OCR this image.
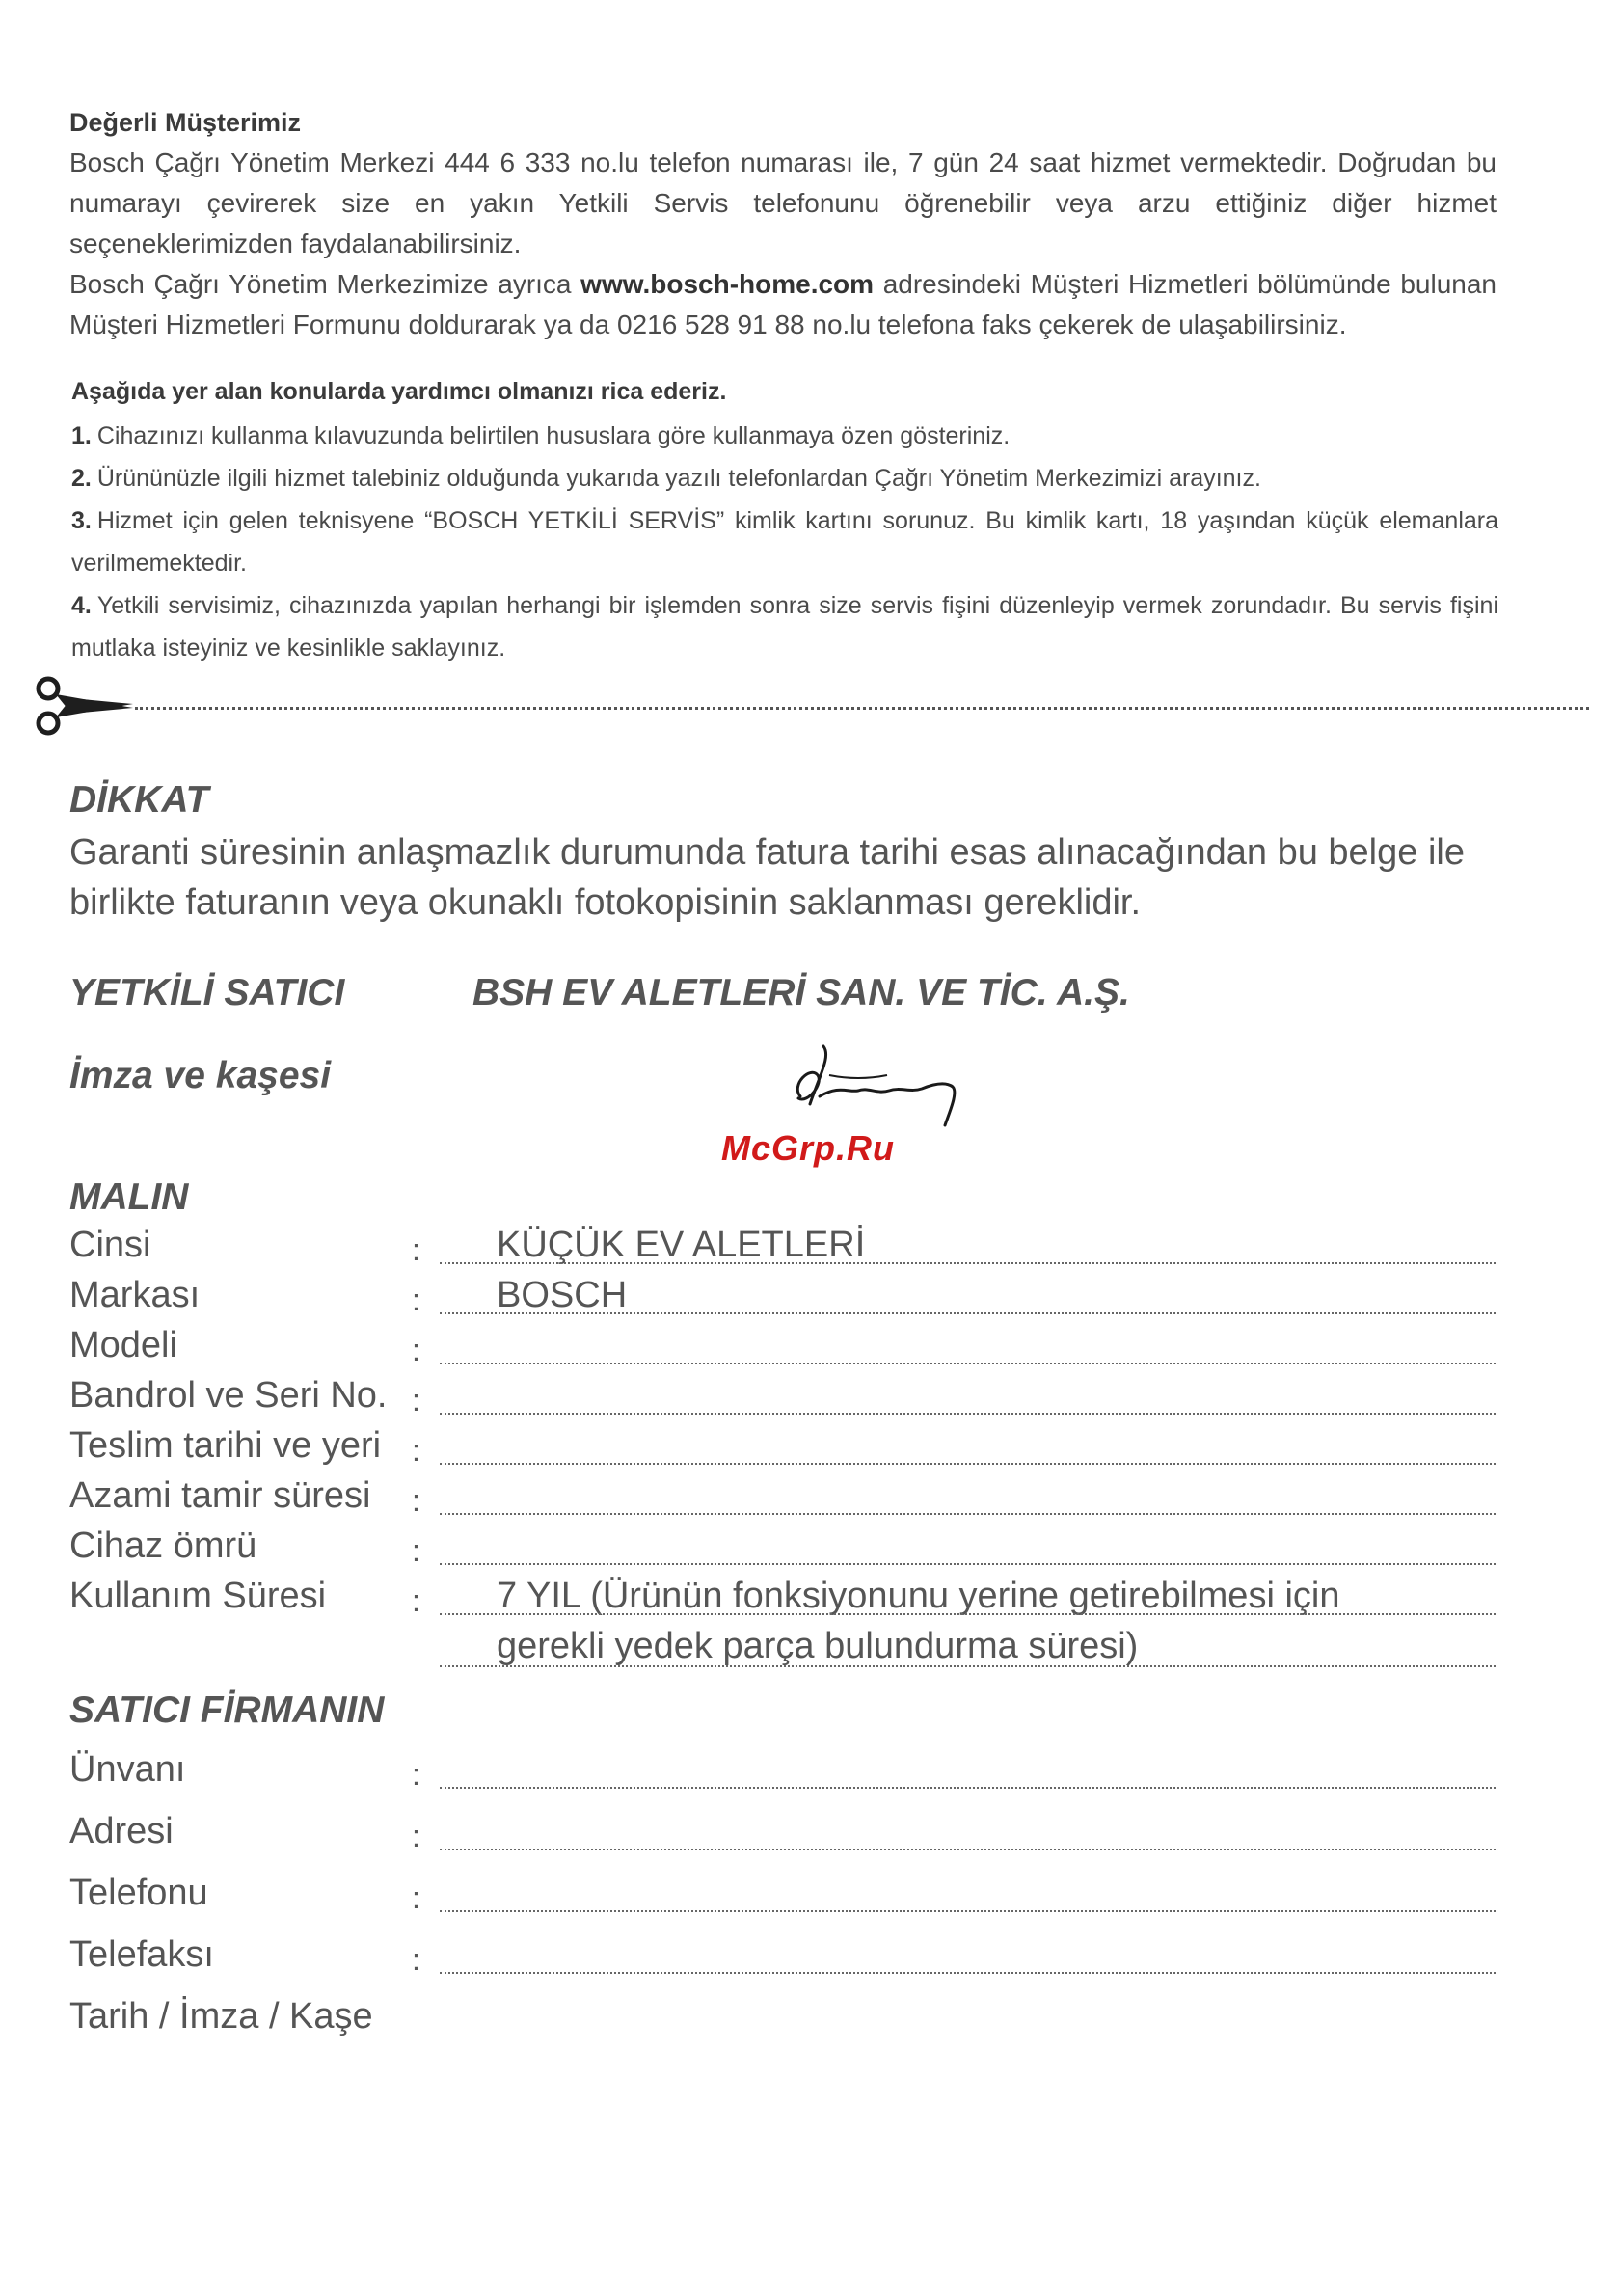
Değerli Müşterimiz

Bosch Çağrı Yönetim Merkezi 444 6 333 no.lu telefon numarası ile, 7 gün 24 saat hizmet vermektedir. Doğrudan bu numarayı çevirerek size en yakın Yetkili Servis telefonunu öğrenebilir veya arzu ettiğiniz diğer hizmet seçeneklerimizden faydalanabilirsiniz.

Bosch Çağrı Yönetim Merkezimize ayrıca www.bosch-home.com adresindeki Müşteri Hizmetleri bölümünde bulunan Müşteri Hizmetleri Formunu doldurarak ya da 0216 528 91 88 no.lu telefona faks çekerek de ulaşabilirsiniz.

Aşağıda yer alan konularda yardımcı olmanızı rica ederiz.
1. Cihazınızı kullanma kılavuzunda belirtilen hususlara göre kullanmaya özen gösteriniz.
2. Ürününüzle ilgili hizmet talebiniz olduğunda yukarıda yazılı telefonlardan Çağrı Yönetim Merkezimizi arayınız.
3. Hizmet için gelen teknisyene “BOSCH YETKİLİ SERVİS” kimlik kartını sorunuz. Bu kimlik kartı, 18 yaşından küçük elemanlara verilmemektedir.
4. Yetkili servisimiz, cihazınızda yapılan herhangi bir işlemden sonra size servis fişini düzenleyip vermek zorundadır. Bu servis fişini mutlaka isteyiniz ve kesinlikle saklayınız.
DİKKAT

Garanti süresinin anlaşmazlık durumunda fatura tarihi esas alınacağından bu belge ile birlikte faturanın veya okunaklı fotokopisinin saklanması gereklidir.

YETKİLİ SATICI	BSH EV ALETLERİ SAN. VE TİC. A.Ş.
İmza ve kaşesi
McGrp.Ru
MALIN
Cinsi	: KÜÇÜK EV ALETLERİ
Markası	: BOSCH
Modeli	:
Bandrol ve Seri No. :
Teslim tarihi ve yeri :
Azami tamir süresi :
Cihaz ömrü	:
Kullanım Süresi	: 7 YIL (Ürünün fonksiyonunu yerine getirebilmesi için
gerekli yedek parça bulundurma süresi)
SATICI FİRMANIN
Ünvanı	:
Adresi	:
Telefonu	:
Telefaksı	:
Tarih / İmza / Kaşe
